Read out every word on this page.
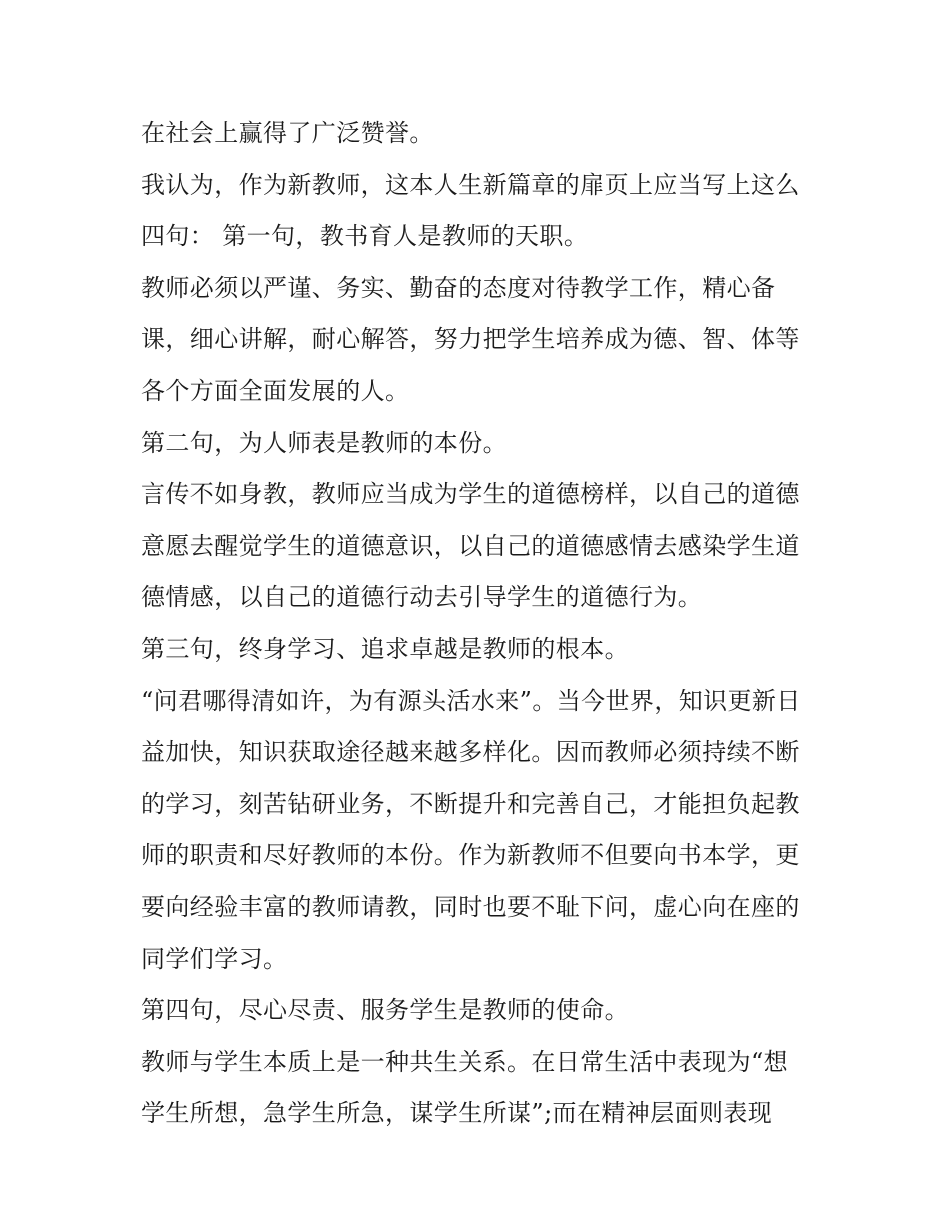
在社会上赢得了广泛赞誉。
我认为，作为新教师，这本人生新篇章的扉页上应当写上这么
四句： 第一句，教书育人是教师的天职。
教师必须以严谨、务实、勤奋的态度对待教学工作，精心备
课，细心讲解，耐心解答，努力把学生培养成为德、智、体等
各个方面全面发展的人。
第二句，为人师表是教师的本份。
言传不如身教，教师应当成为学生的道德榜样，以自己的道德
意愿去醒觉学生的道德意识，以自己的道德感情去感染学生道
德情感，以自己的道德行动去引导学生的道德行为。
第三句，终身学习、追求卓越是教师的根本。
“问君哪得清如许，为有源头活水来”。当今世界，知识更新日
益加快，知识获取途径越来越多样化。因而教师必须持续不断
的学习，刻苦钻研业务，不断提升和完善自己，才能担负起教
师的职责和尽好教师的本份。作为新教师不但要向书本学，更
要向经验丰富的教师请教，同时也要不耻下问，虚心向在座的
同学们学习。
第四句，尽心尽责、服务学生是教师的使命。
教师与学生本质上是一种共生关系。在日常生活中表现为“想
学生所想，急学生所急，谋学生所谋”;而在精神层面则表现
